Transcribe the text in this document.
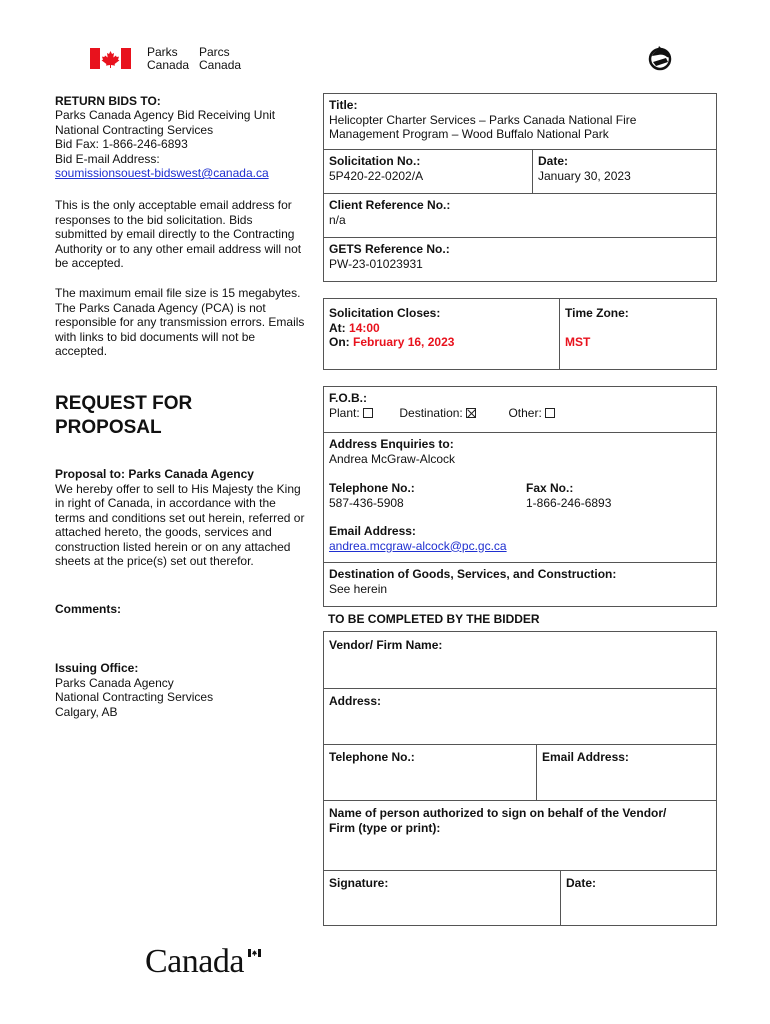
Parks
Canada
Parcs
Canada
RETURN BIDS TO:

Parks Canada Agency Bid Receiving Unit

National Contracting Services

Bid Fax: 1-866-246-6893

Bid E-mail Address:

soumissionsouest-bidswest@canada.ca

This is the only acceptable email address for

responses to the bid solicitation. Bids

submitted by email directly to the Contracting

Authority or to any other email address will not

be accepted.

The maximum email file size is 15 megabytes.

The Parks Canada Agency (PCA) is not

responsible for any transmission errors. Emails

with links to bid documents will not be

accepted.

REQUEST FOR
PROPOSAL

Proposal to: Parks Canada Agency

We hereby offer to sell to His Majesty the King

in right of Canada, in accordance with the

terms and conditions set out herein, referred or

attached hereto, the goods, services and

construction listed herein or on any attached

sheets at the price(s) set out therefor.

Comments:

Issuing Office:

Parks Canada Agency

National Contracting Services

Calgary, AB

Title:

Helicopter Charter Services – Parks Canada National Fire

Management Program – Wood Buffalo National Park

Solicitation No.:

5P420-22-0202/A

Date:

January 30, 2023

Client Reference No.:

n/a

GETS Reference No.:

PW-23-01023931

Solicitation Closes:

At: 14:00

On: February 16, 2023

Time Zone:

MST

F.O.B.:

Plant:	Destination:	Other:

Address Enquiries to:

Andrea McGraw-Alcock

Telephone No.:

587-436-5908

Fax No.:

1-866-246-6893

Email Address:

andrea.mcgraw-alcock@pc.gc.ca

Destination of Goods, Services, and Construction:

See herein

TO BE COMPLETED BY THE BIDDER
Vendor/ Firm Name:
Address:
Telephone No.:	Email Address:

Name of person authorized to sign on behalf of the Vendor/

Firm (type or print):

Signature:	Date:
Canada
